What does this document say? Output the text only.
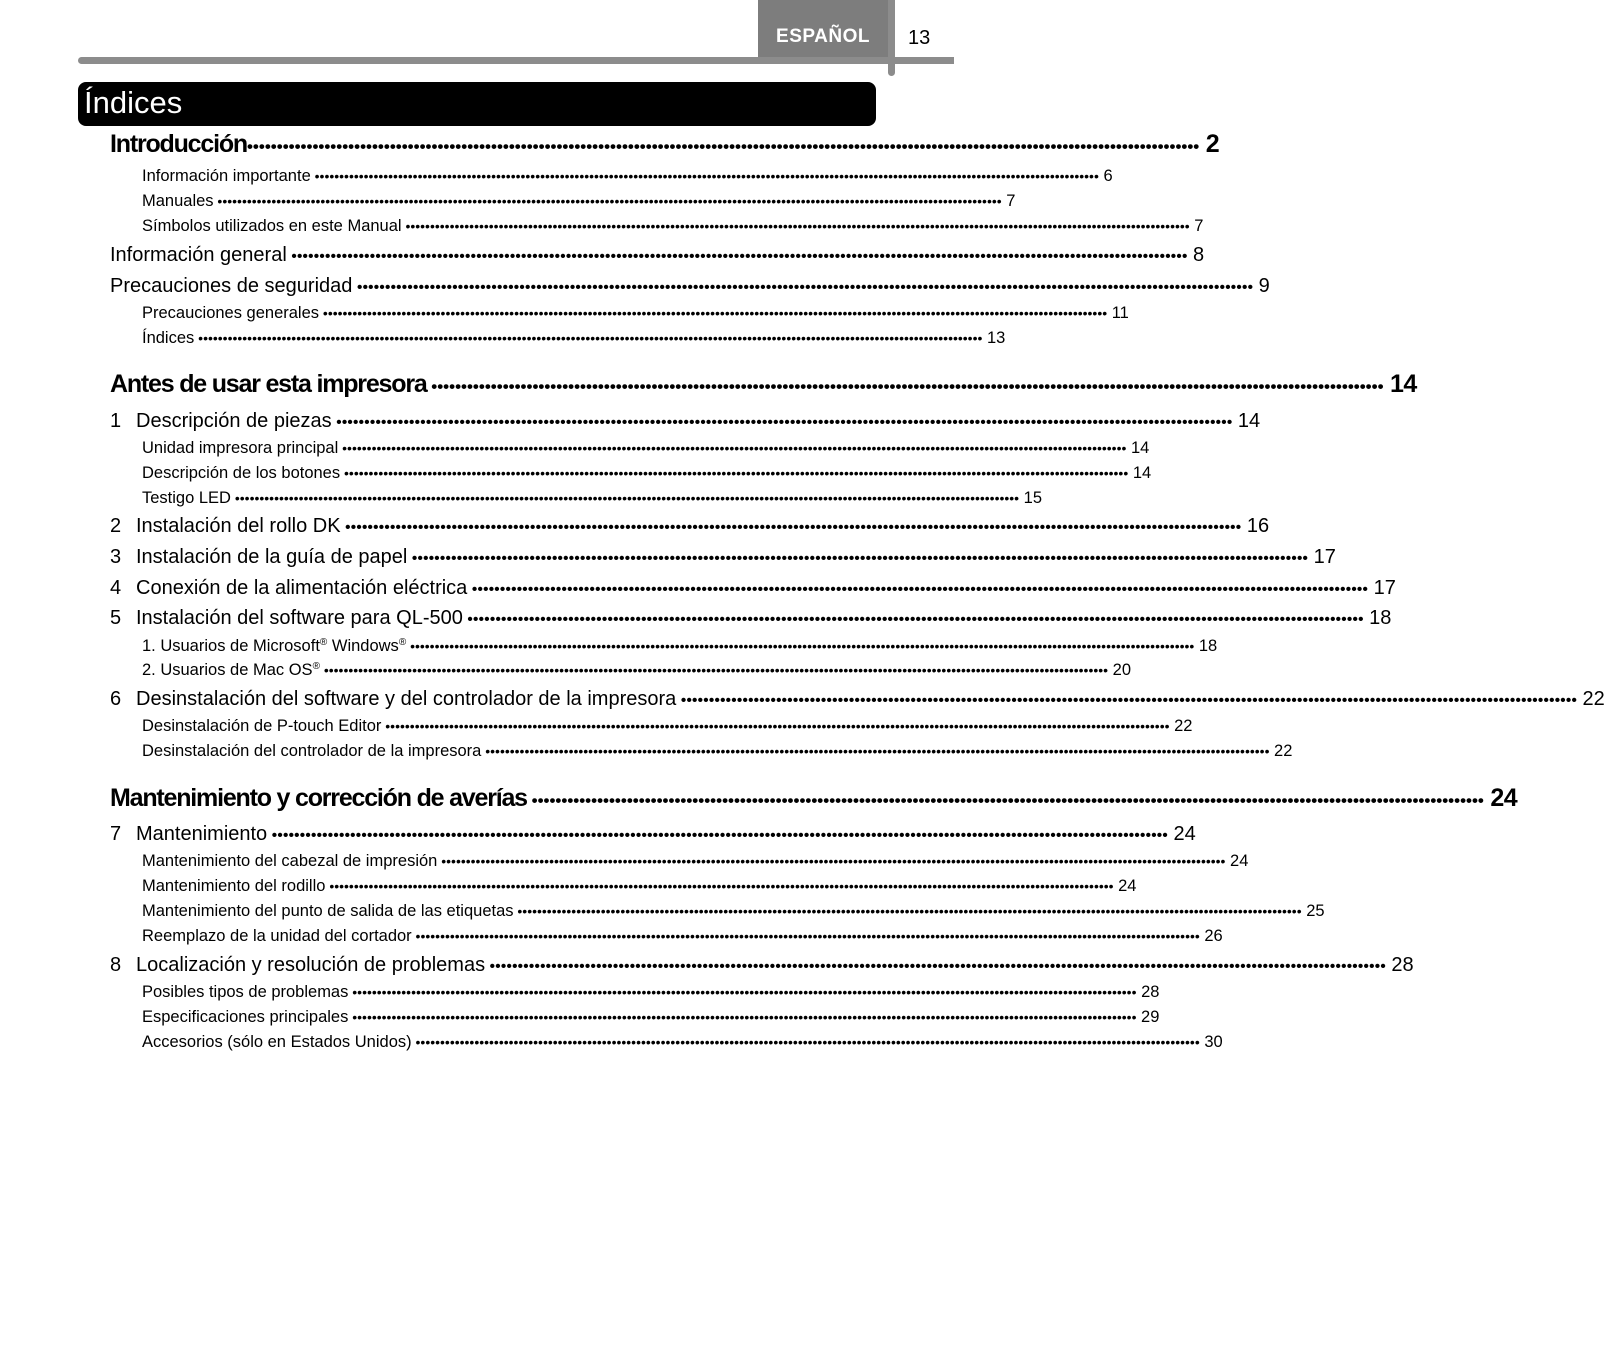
ESPAÑOL	13
Índices
Introducción •••••••••••••••••••••••••••••••••••••••••••••••••••••••••••••••••••••••••••••••••••••••••••••••••••••••••••••••••••••••••••••••••••••••••••••••••••••••••••••••• 2
Información importante •••••••••••••••••••••••••••••••••••••••••••••••••••••••••••••••••••••••••••••••••••••••••••••••••••••••••••••••••••••••••••••••••••••••••••••••••••••••••••••••• 6
Manuales •••••••••••••••••••••••••••••••••••••••••••••••••••••••••••••••••••••••••••••••••••••••••••••••••••••••••••••••••••••••••••••••••••••••••••••••••••••••••••••••• 7
Símbolos utilizados en este Manual •••••••••••••••••••••••••••••••••••••••••••••••••••••••••••••••••••••••••••••••••••••••••••••••••••••••••••••••••••••••••••••••••••••••••••••••••••••••••••••••• 7
Información general •••••••••••••••••••••••••••••••••••••••••••••••••••••••••••••••••••••••••••••••••••••••••••••••••••••••••••••••••••••••••••••••••••••••••••••••••••••••••••••••• 8
Precauciones de seguridad •••••••••••••••••••••••••••••••••••••••••••••••••••••••••••••••••••••••••••••••••••••••••••••••••••••••••••••••••••••••••••••••••••••••••••••••••••••••••••••••• 9
Precauciones generales •••••••••••••••••••••••••••••••••••••••••••••••••••••••••••••••••••••••••••••••••••••••••••••••••••••••••••••••••••••••••••••••••••••••••••••••••••••••••••••••• 11
Índices •••••••••••••••••••••••••••••••••••••••••••••••••••••••••••••••••••••••••••••••••••••••••••••••••••••••••••••••••••••••••••••••••••••••••••••••••••••••••••••••• 13
Antes de usar esta impresora •••••••••••••••••••••••••••••••••••••••••••••••••••••••••••••••••••••••••••••••••••••••••••••••••••••••••••••••••••••••••••••••••••••••••••••••••••••••••••••••• 14
1 Descripción de piezas •••••••••••••••••••••••••••••••••••••••••••••••••••••••••••••••••••••••••••••••••••••••••••••••••••••••••••••••••••••••••••••••••••••••••••••••••••••••••••••••• 14
Unidad impresora principal •••••••••••••••••••••••••••••••••••••••••••••••••••••••••••••••••••••••••••••••••••••••••••••••••••••••••••••••••••••••••••••••••••••••••••••••••••••••••••••••• 14
Descripción de los botones •••••••••••••••••••••••••••••••••••••••••••••••••••••••••••••••••••••••••••••••••••••••••••••••••••••••••••••••••••••••••••••••••••••••••••••••••••••••••••••••• 14
Testigo LED •••••••••••••••••••••••••••••••••••••••••••••••••••••••••••••••••••••••••••••••••••••••••••••••••••••••••••••••••••••••••••••••••••••••••••••••••••••••••••••••• 15
2 Instalación del rollo DK •••••••••••••••••••••••••••••••••••••••••••••••••••••••••••••••••••••••••••••••••••••••••••••••••••••••••••••••••••••••••••••••••••••••••••••••••••••••••••••••• 16
3 Instalación de la guía de papel •••••••••••••••••••••••••••••••••••••••••••••••••••••••••••••••••••••••••••••••••••••••••••••••••••••••••••••••••••••••••••••••••••••••••••••••••••••••••••••••• 17
4 Conexión de la alimentación eléctrica •••••••••••••••••••••••••••••••••••••••••••••••••••••••••••••••••••••••••••••••••••••••••••••••••••••••••••••••••••••••••••••••••••••••••••••••••••••••••••••••• 17
5 Instalación del software para QL-500 •••••••••••••••••••••••••••••••••••••••••••••••••••••••••••••••••••••••••••••••••••••••••••••••••••••••••••••••••••••••••••••••••••••••••••••••••••••••••••••••• 18
1. Usuarios de Microsoft® Windows® •••••••••••••••••••••••••••••••••••••••••••••••••••••••••••••••••••••••••••••••••••••••••••••••••••••••••••••••••••••••••••••••••••••••••••••••••••••••••••••••• 18
2. Usuarios de Mac OS® •••••••••••••••••••••••••••••••••••••••••••••••••••••••••••••••••••••••••••••••••••••••••••••••••••••••••••••••••••••••••••••••••••••••••••••••••••••••••••••••• 20
6 Desinstalación del software y del controlador de la impresora •••••••••••••••••••••••••••••••••••••••••••••••••••••••••••••••••••••••••••••••••••••••••••••••••••••••••••••••••••••••••••••••••••••••••••••••••••••••••••••••• 22
Desinstalación de P-touch Editor •••••••••••••••••••••••••••••••••••••••••••••••••••••••••••••••••••••••••••••••••••••••••••••••••••••••••••••••••••••••••••••••••••••••••••••••••••••••••••••••• 22
Desinstalación del controlador de la impresora •••••••••••••••••••••••••••••••••••••••••••••••••••••••••••••••••••••••••••••••••••••••••••••••••••••••••••••••••••••••••••••••••••••••••••••••••••••••••••••••• 22
Mantenimiento y corrección de averías •••••••••••••••••••••••••••••••••••••••••••••••••••••••••••••••••••••••••••••••••••••••••••••••••••••••••••••••••••••••••••••••••••••••••••••••••••••••••••••••• 24
7 Mantenimiento •••••••••••••••••••••••••••••••••••••••••••••••••••••••••••••••••••••••••••••••••••••••••••••••••••••••••••••••••••••••••••••••••••••••••••••••••••••••••••••••• 24
Mantenimiento del cabezal de impresión •••••••••••••••••••••••••••••••••••••••••••••••••••••••••••••••••••••••••••••••••••••••••••••••••••••••••••••••••••••••••••••••••••••••••••••••••••••••••••••••• 24
Mantenimiento del rodillo •••••••••••••••••••••••••••••••••••••••••••••••••••••••••••••••••••••••••••••••••••••••••••••••••••••••••••••••••••••••••••••••••••••••••••••••••••••••••••••••• 24
Mantenimiento del punto de salida de las etiquetas •••••••••••••••••••••••••••••••••••••••••••••••••••••••••••••••••••••••••••••••••••••••••••••••••••••••••••••••••••••••••••••••••••••••••••••••••••••••••••••••• 25
Reemplazo de la unidad del cortador •••••••••••••••••••••••••••••••••••••••••••••••••••••••••••••••••••••••••••••••••••••••••••••••••••••••••••••••••••••••••••••••••••••••••••••••••••••••••••••••• 26
8 Localización y resolución de problemas •••••••••••••••••••••••••••••••••••••••••••••••••••••••••••••••••••••••••••••••••••••••••••••••••••••••••••••••••••••••••••••••••••••••••••••••••••••••••••••••• 28
Posibles tipos de problemas •••••••••••••••••••••••••••••••••••••••••••••••••••••••••••••••••••••••••••••••••••••••••••••••••••••••••••••••••••••••••••••••••••••••••••••••••••••••••••••••• 28
Especificaciones principales •••••••••••••••••••••••••••••••••••••••••••••••••••••••••••••••••••••••••••••••••••••••••••••••••••••••••••••••••••••••••••••••••••••••••••••••••••••••••••••••• 29
Accesorios (sólo en Estados Unidos) •••••••••••••••••••••••••••••••••••••••••••••••••••••••••••••••••••••••••••••••••••••••••••••••••••••••••••••••••••••••••••••••••••••••••••••••••••••••••••••••• 30
